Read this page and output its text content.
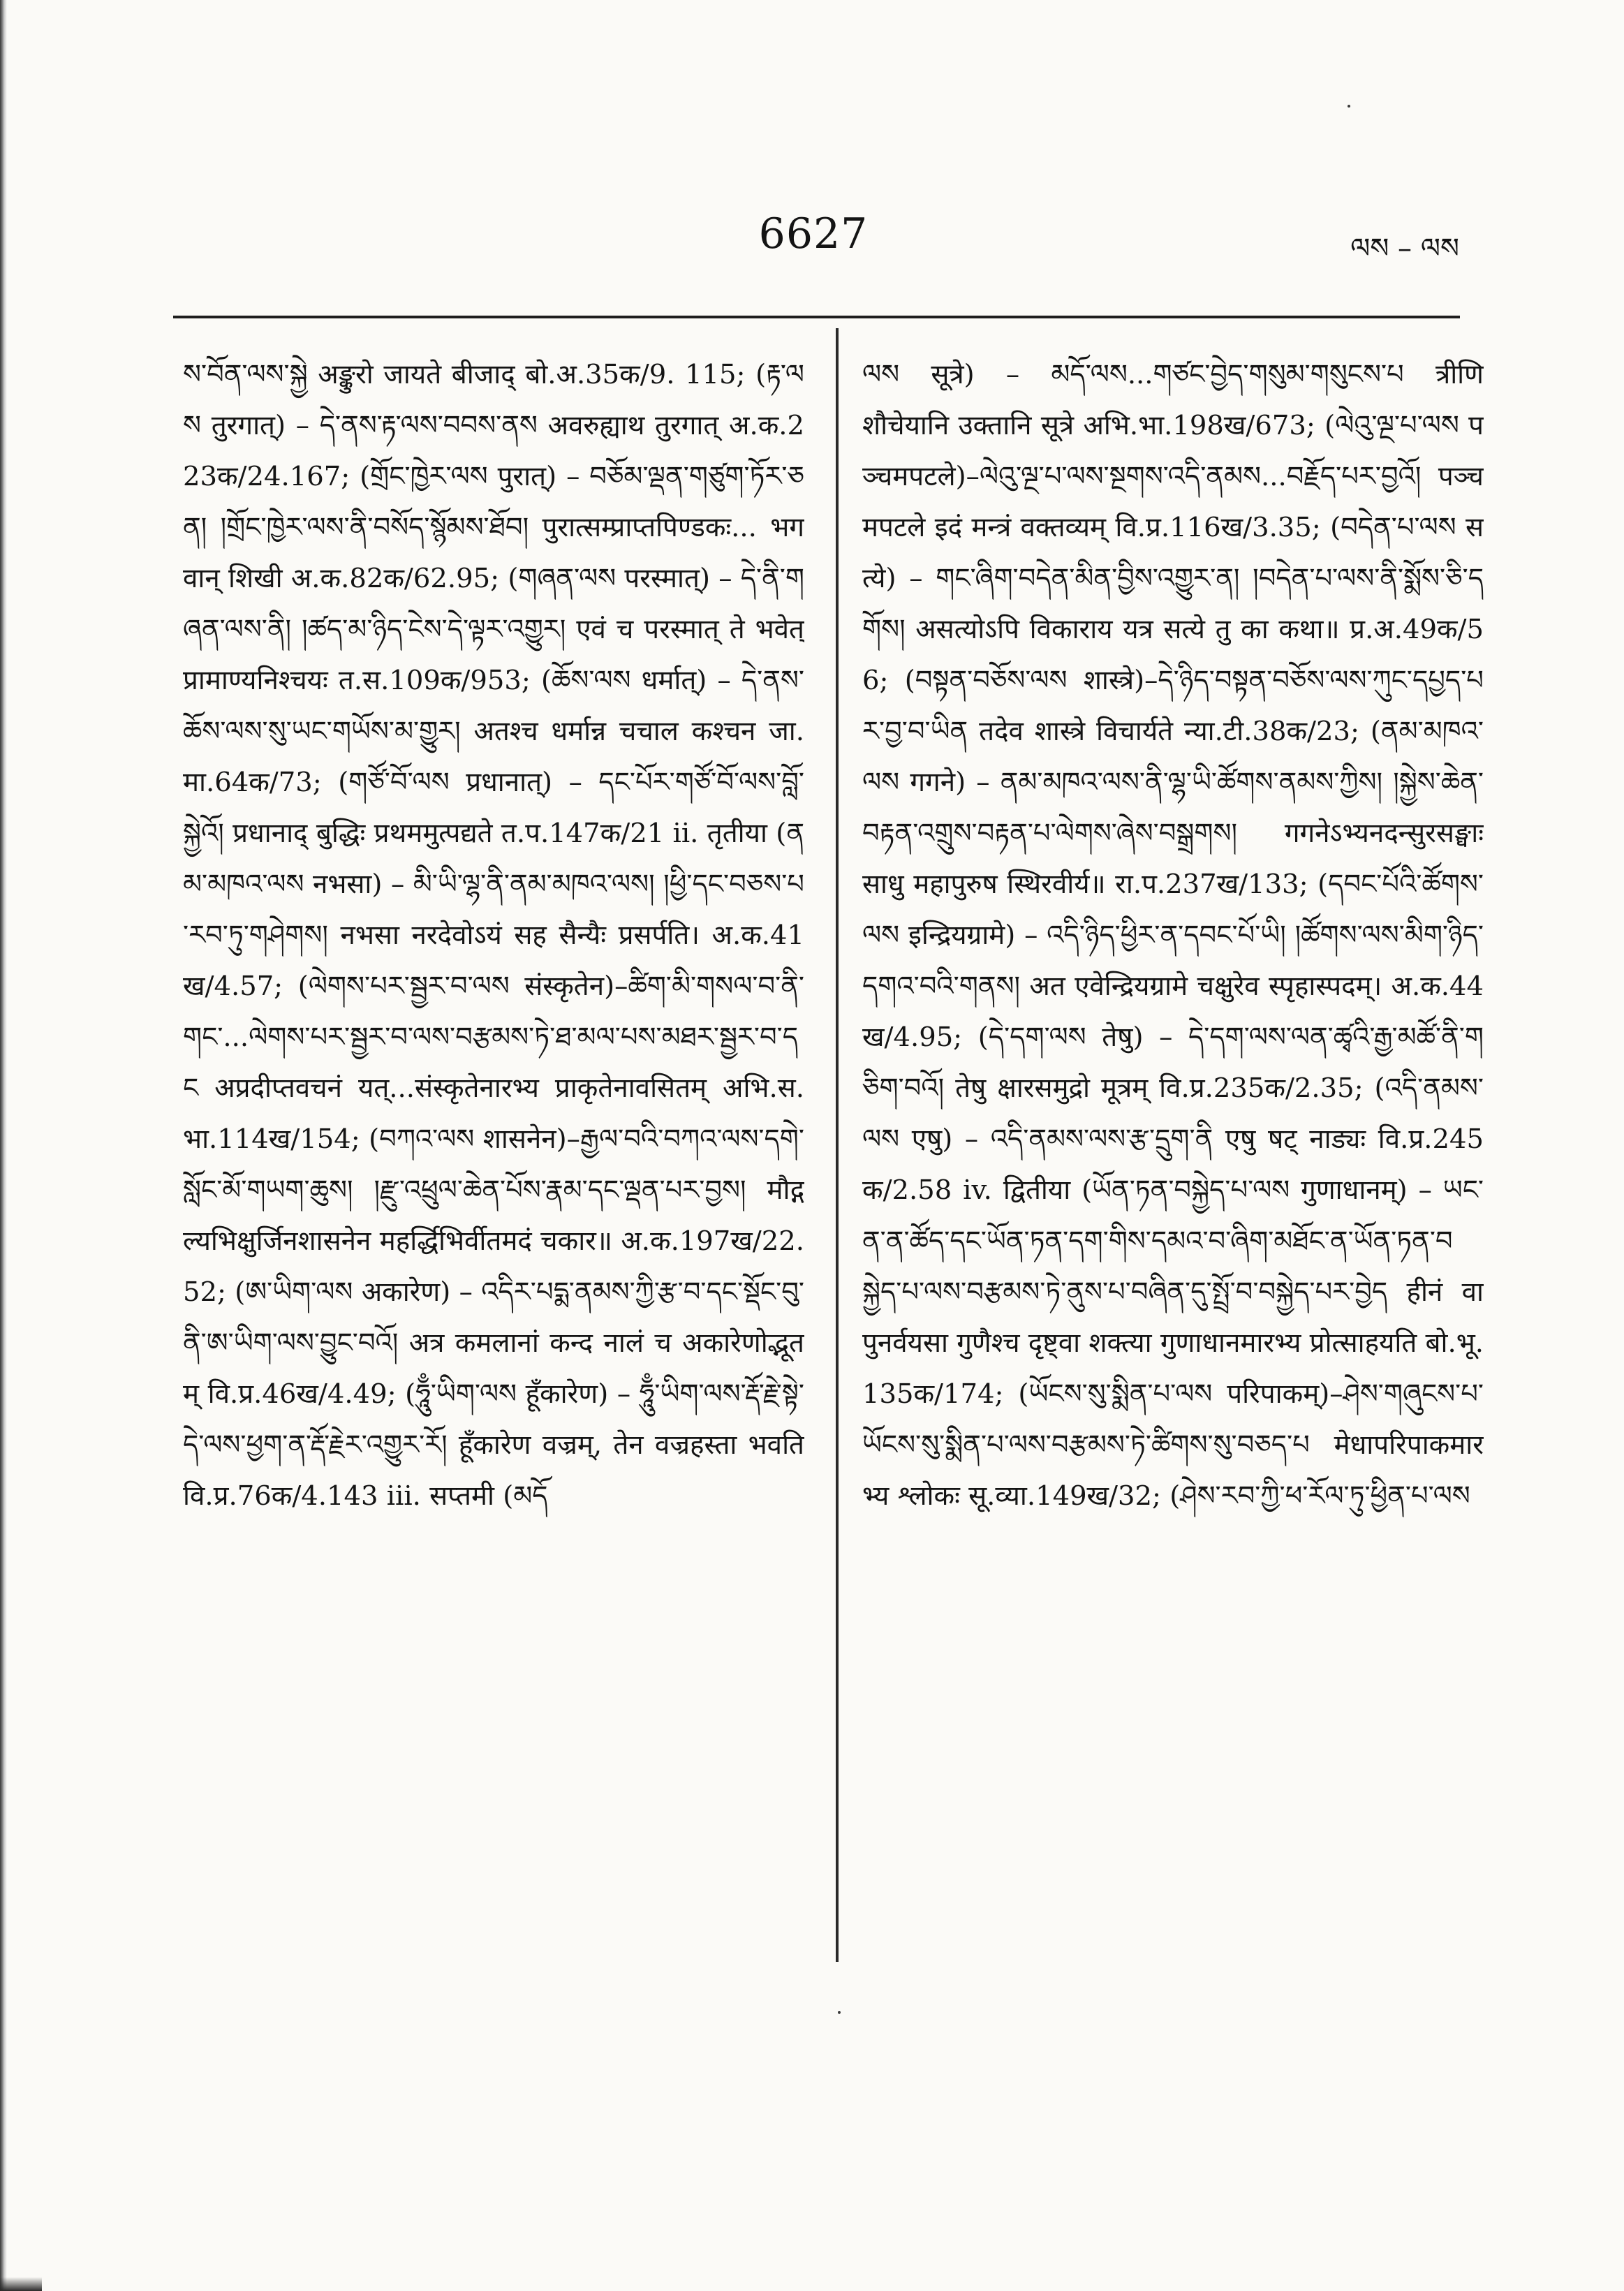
6627	ལས – ལས
ས་བོན་ལས་སྐྱེ अङ्कुरो जायते बीजाद् बो.अ.35क/9. 115; (རྟ་ལས तुरगात्) – དེ་ནས་རྟ་ལས་བབས་ནས अवरुह्याथ तुरगात् अ.क.223क/24.167; (གྲོང་ཁྱེར་ལས पुरात्) – བཅོམ་ལྡན་གཙུག་ཏོར་ཅན། །གྲོང་ཁྱེར་ལས་ནི་བསོད་སྙོམས་ཐོབ། पुरात्सम्प्राप्तपिण्डकः... भगवान् शिखी अ.क.82क/62.95; (གཞན་ལས परस्मात्) – དེ་ནི་གཞན་ལས་ནི། །ཚད་མ་ཉིད་ངེས་དེ་ལྟར་འགྱུར། एवं च परस्मात् ते भवेत् प्रामाण्यनिश्चयः त.स.109क/953; (ཆོས་ལས धर्मात्) – དེ་ནས་ཆོས་ལས་སུ་ཡང་གཡོས་མ་གྱུར། अतश्च धर्मान्न चचाल कश्चन जा.मा.64क/73; (གཙོ་བོ་ལས प्रधानात्) – དང་པོར་གཙོ་བོ་ལས་བློ་སྐྱེའོ། प्रधानाद् बुद्धिः प्रथममुत्पद्यते त.प.147क/21 ii. तृतीया (ནམ་མཁའ་ལས नभसा) – མི་ཡི་ལྷ་ནི་ནམ་མཁའ་ལས། །ཕྱི་དང་བཅས་པ་རབ་ཏུ་གཤེགས། नभसा नरदेवोऽयं सह सैन्यैः प्रसर्पति। अ.क.41ख/4.57; (ལེགས་པར་སྦྱར་བ་ལས संस्कृतेन)–ཚིག་མི་གསལ་བ་ནི་གང་...ལེགས་པར་སྦྱར་བ་ལས་བརྩམས་ཏེ་ཐ་མལ་པས་མཐར་སྦྱར་བ་དང अप्रदीप्तवचनं यत्...संस्कृतेनारभ्य प्राकृतेनावसितम् अभि.स.भा.114ख/154; (བཀའ་ལས शासनेन)–རྒྱལ་བའི་བཀའ་ལས་དགེ་སློང་མོ་གཡག་ཆུས། །རྫུ་འཕྲུལ་ཆེན་པོས་རྣམ་དང་ལྡན་པར་བྱས། मौद्गल्यभिक्षुर्जिनशासनेन महर्द्धिभिर्वीतमदं चकार॥ अ.क.197ख/22.52; (ཨ་ཡིག་ལས अकारेण) – འདིར་པདྨ་ནམས་ཀྱི་རྩ་བ་དང་སྡོང་བུ་ནི་ཨ་ཡིག་ལས་བྱུང་བའོ། अत्र कमलानां कन्द नालं च अकारेणोद्भूतम् वि.प्र.46ख/4.49; (ཧཱུྃ་ཡིག་ལས हूँकारेण) – ཧཱུྃ་ཡིག་ལས་རྡོ་རྗེ་སྟེ་དེ་ལས་ཕྱག་ན་རྡོ་རྗེར་འགྱུར་རོ། हूँकारेण वज्रम्, तेन वज्रहस्ता भवति वि.प्र.76क/4.143 iii. सप्तमी (མདོ
ལས सूत्रे) – མདོ་ལས...གཙང་བྱེད་གསུམ་གསུངས་པ त्रीणि शौचेयानि उक्तानि सूत्रे अभि.भा.198ख/673; (ལེའུ་ལྔ་པ་ལས पञ्चमपटले)–ལེའུ་ལྔ་པ་ལས་སྔགས་འདི་ནམས...བརྗོད་པར་བྱའོ། पञ्चमपटले इदं मन्त्रं वक्तव्यम् वि.प्र.116ख/3.35; (བདེན་པ་ལས सत्ये) – གང་ཞིག་བདེན་མིན་བྱིས་འགྱུར་ན། །བདེན་པ་ལས་ནི་སྨོས་ཅི་དགོས། असत्योऽपि विकाराय यत्र सत्ये तु का कथा॥ प्र.अ.49क/56; (བསྟན་བཅོས་ལས शास्त्रे)–དེ་ཉིད་བསྟན་བཅོས་ལས་ཀུང་དཔྱད་པར་བྱ་བ་ཡིན तदेव शास्त्रे विचार्यते न्या.टी.38क/23; (ནམ་མཁའ་ལས गगने) – ནམ་མཁའ་ལས་ནི་ལྷ་ཡི་ཚོགས་ནམས་ཀྱིས། །སྐྱེས་ཆེན་བརྟན་འགྲུས་བརྟན་པ་ལེགས་ཞེས་བསྒྲགས། गगनेऽभ्यनदन्सुरसङ्घाः साधु महापुरुष स्थिरवीर्य॥ रा.प.237ख/133; (དབང་པོའི་ཚོགས་ལས इन्द्रियग्रामे) – འདི་ཉིད་ཕྱིར་ན་དབང་པོ་ཡི། །ཚོགས་ལས་མིག་ཉིད་དགའ་བའི་གནས། अत एवेन्द्रियग्रामे चक्षुरेव स्पृहास्पदम्। अ.क.44ख/4.95; (དེ་དག་ལས तेषु) – དེ་དག་ལས་ལན་ཚྭའི་རྒྱ་མཚོ་ནི་གཅིག་བའོ། तेषु क्षारसमुद्रो मूत्रम् वि.प्र.235क/2.35; (འདི་ནམས་ལས एषु) – འདི་ནམས་ལས་རྩ་དྲུག་ནི एषु षट् नाड्यः वि.प्र.245क/2.58 iv. द्वितीया (ཡོན་ཏན་བསྐྱེད་པ་ལས गुणाधानम्) – ཡང་ན་ན་ཚོད་དང་ཡོན་ཏན་དག་གིས་དམའ་བ་ཞིག་མཐོང་ན་ཡོན་ཏན་བསྐྱེད་པ་ལས་བརྩམས་ཏེ་ནུས་པ་བཞིན་དུ་སྤྲོ་བ་བསྐྱེད་པར་བྱེད हीनं वा पुनर्वयसा गुणैश्च दृष्ट्वा शक्त्या गुणाधानमारभ्य प्रोत्साहयति बो.भू.135क/174; (ཡོངས་སུ་སྨིན་པ་ལས परिपाकम्)–ཤེས་གཞུངས་པ་ཡོངས་སུ་སྨིན་པ་ལས་བརྩམས་ཏེ་ཚིགས་སུ་བཅད་པ मेधापरिपाकमारभ्य श्लोकः सू.व्या.149ख/32; (ཤེས་རབ་ཀྱི་ཕ་རོལ་ཏུ་ཕྱིན་པ་ལས
